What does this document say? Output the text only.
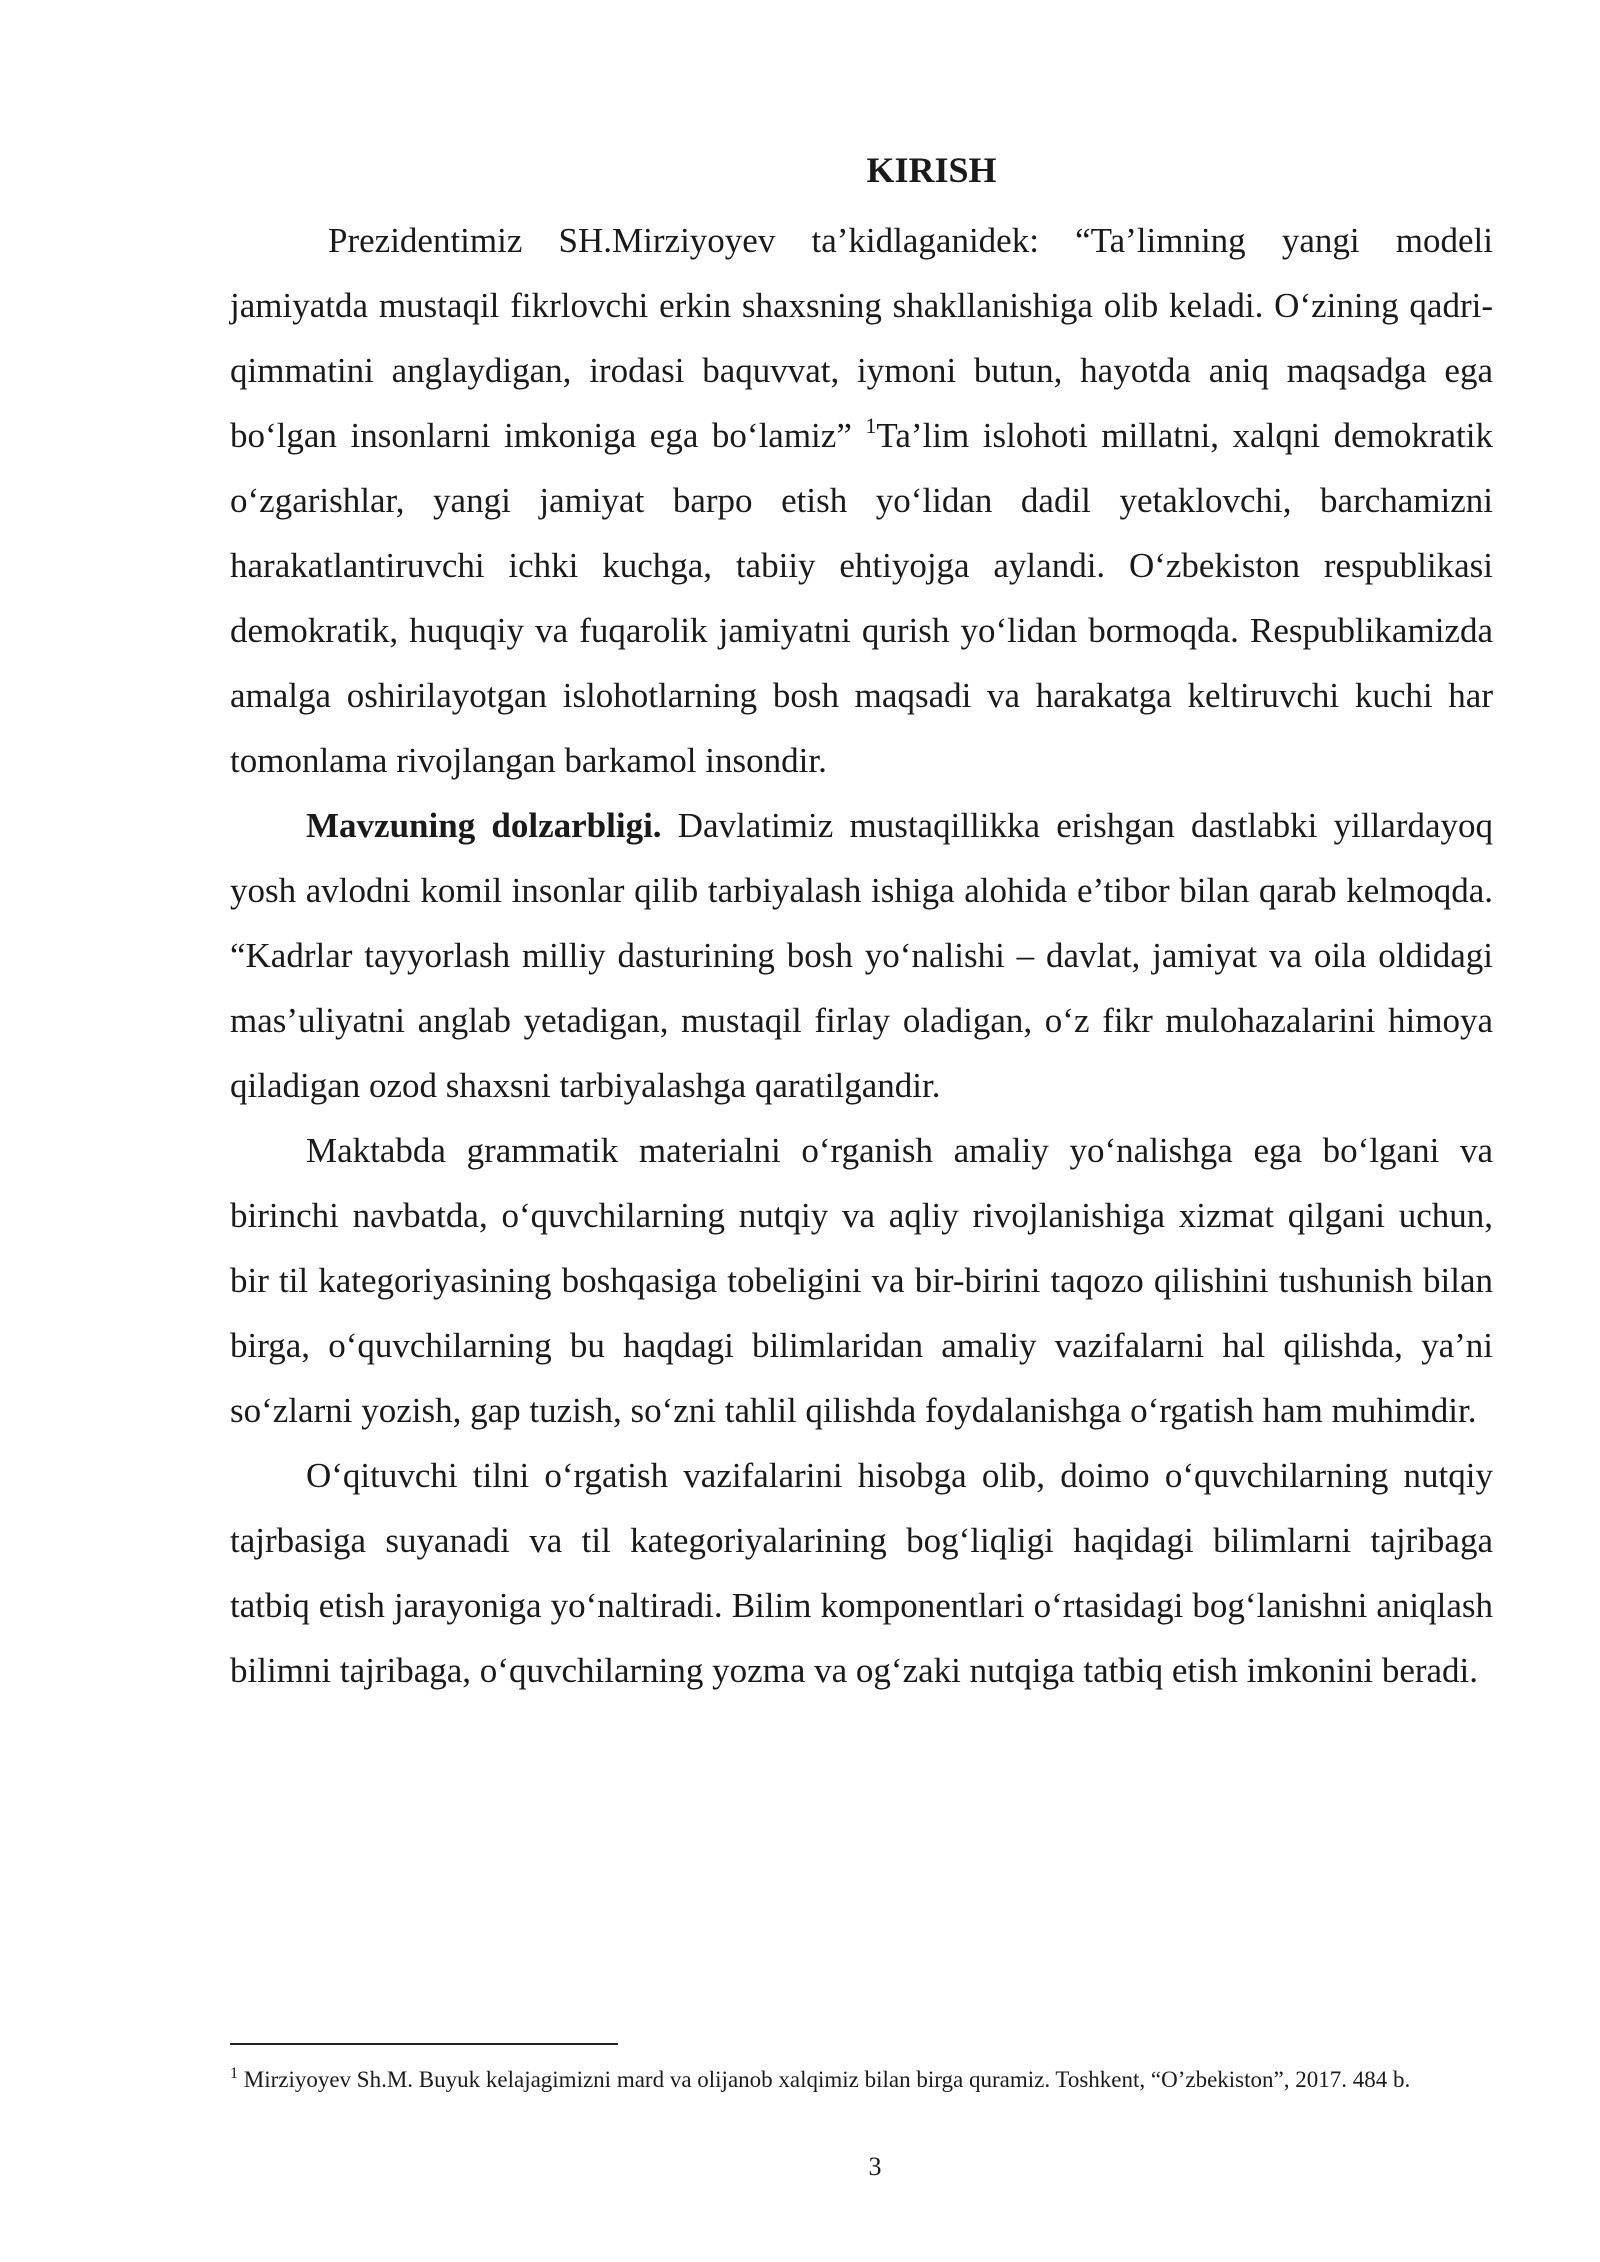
KIRISH

Prezidentimiz SH.Mirziyoyev ta’kidlaganidek: “Ta’limning yangi modeli jamiyatda mustaqil fikrlovchi erkin shaxsning shakllanishiga olib keladi. O‘zining qadri-qimmatini anglaydigan, irodasi baquvvat, iymoni butun, hayotda aniq maqsadga ega bo‘lgan insonlarni imkoniga ega bo‘lamiz” $^1$Ta’lim islohoti millatni, xalqni demokratik o‘zgarishlar, yangi jamiyat barpo etish yo‘lidan dadil yetaklovchi, barchamizni harakatlantiruvchi ichki kuchga, tabiiy ehtiyojga aylandi. O‘zbekiston respublikasi demokratik, huquqiy va fuqarolik jamiyatni qurish yo‘lidan bormoqda. Respublikamizda amalga oshirilayotgan islohotlarning bosh maqsadi va harakatga keltiruvchi kuchi har tomonlama rivojlangan barkamol insondir.

Mavzuning dolzarbligi. Davlatimiz mustaqillikka erishgan dastlabki yillardayoq yosh avlodni komil insonlar qilib tarbiyalash ishiga alohida e’tibor bilan qarab kelmoqda. “Kadrlar tayyorlash milliy dasturining bosh yo‘nalishi – davlat, jamiyat va oila oldidagi mas’uliyatni anglab yetadigan, mustaqil firlay oladigan, o‘z fikr mulohazalarini himoya qiladigan ozod shaxsni tarbiyalashga qaratilgandir.

Maktabda grammatik materialni o‘rganish amaliy yo‘nalishga ega bo‘lgani va birinchi navbatda, o‘quvchilarning nutqiy va aqliy rivojlanishiga xizmat qilgani uchun, bir til kategoriyasining boshqasiga tobeligini va bir-birini taqozo qilishini tushunish bilan birga, o‘quvchilarning bu haqdagi bilimlaridan amaliy vazifalarni hal qilishda, ya’ni so‘zlarni yozish, gap tuzish, so‘zni tahlil qilishda foydalanishga o‘rgatish ham muhimdir.

O‘qituvchi tilni o‘rgatish vazifalarini hisobga olib, doimo o‘quvchilarning nutqiy tajrbasiga suyanadi va til kategoriyalarining bog‘liqligi haqidagi bilimlarni tajribaga tatbiq etish jarayoniga yo‘naltiradi. Bilim komponentlari o‘rtasidagi bog‘lanishni aniqlash bilimni tajribaga, o‘quvchilarning yozma va og‘zaki nutqiga tatbiq etish imkonini beradi.

$^1$ Mirziyoyev Sh.M. Buyuk kelajagimizni mard va olijanob xalqimiz bilan birga quramiz. Toshkent, “O’zbekiston”, 2017. 484 b.
3
